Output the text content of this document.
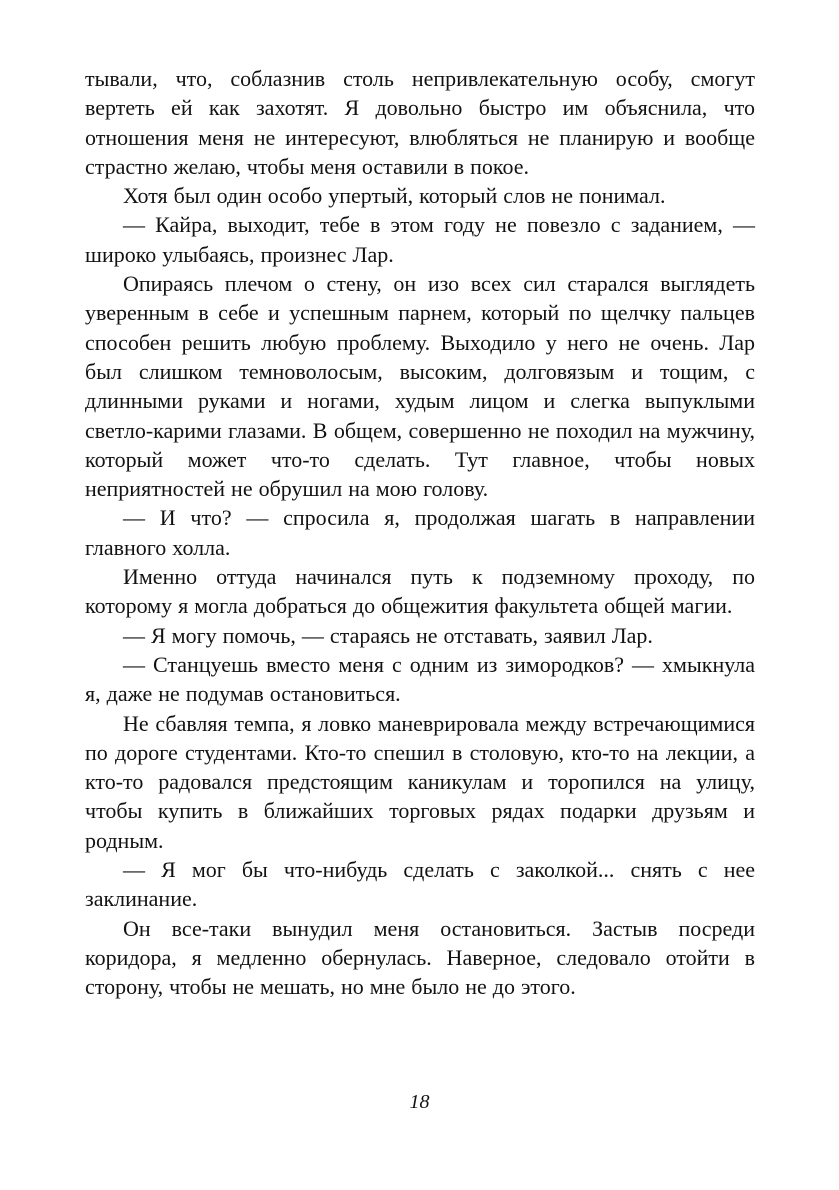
тывали, что, соблазнив столь непривлекательную особу, смогут вертеть ей как захотят. Я довольно быстро им объяснила, что отношения меня не интересуют, влюбляться не планирую и вообще страстно желаю, чтобы меня оставили в покое.

Хотя был один особо упертый, который слов не понимал.

— Кайра, выходит, тебе в этом году не повезло с заданием, — широко улыбаясь, произнес Лар.

Опираясь плечом о стену, он изо всех сил старался выглядеть уверенным в себе и успешным парнем, который по щелчку пальцев способен решить любую проблему. Выходило у него не очень. Лар был слишком темноволосым, высоким, долговязым и тощим, с длинными руками и ногами, худым лицом и слегка выпуклыми светло-карими глазами. В общем, совершенно не походил на мужчину, который может что-то сделать. Тут главное, чтобы новых неприятностей не обрушил на мою голову.

— И что? — спросила я, продолжая шагать в направлении главного холла.

Именно оттуда начинался путь к подземному проходу, по которому я могла добраться до общежития факультета общей магии.

— Я могу помочь, — стараясь не отставать, заявил Лар.

— Станцуешь вместо меня с одним из зимородков? — хмыкнула я, даже не подумав остановиться.

Не сбавляя темпа, я ловко маневрировала между встречающимися по дороге студентами. Кто-то спешил в столовую, кто-то на лекции, а кто-то радовался предстоящим каникулам и торопился на улицу, чтобы купить в ближайших торговых рядах подарки друзьям и родным.

— Я мог бы что-нибудь сделать с заколкой... снять с нее заклинание.

Он все-таки вынудил меня остановиться. Застыв посреди коридора, я медленно обернулась. Наверное, следовало отойти в сторону, чтобы не мешать, но мне было не до этого.

18
